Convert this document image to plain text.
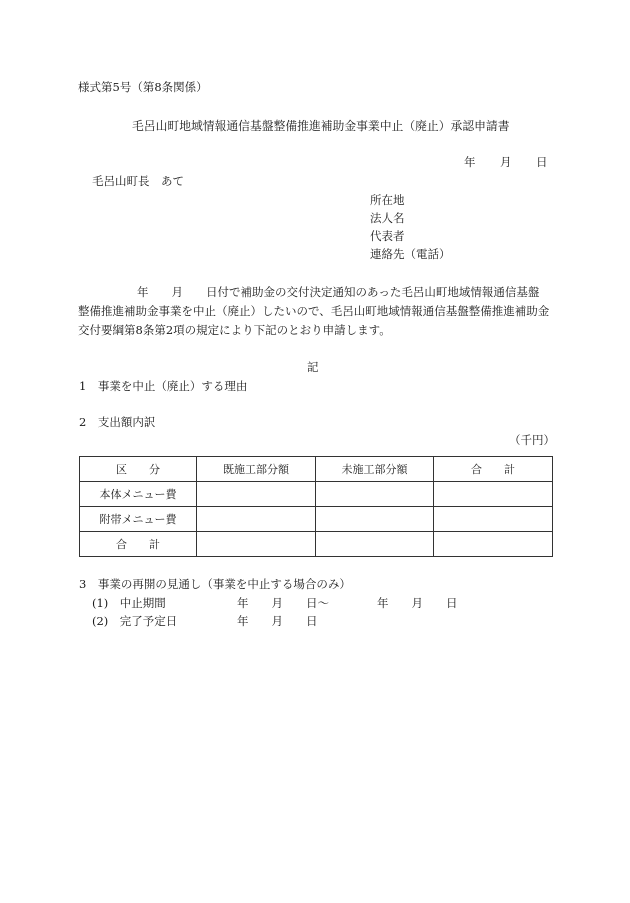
様式第5号（第8条関係）
毛呂山町地域情報通信基盤整備推進補助金事業中止（廃止）承認申請書
年 月 日
毛呂山町長　あて
所在地
法人名
代表者
連絡先（電話）
年　　月　　日付で補助金の交付決定通知のあった毛呂山町地域情報通信基盤
整備推進補助金事業を中止（廃止）したいので、毛呂山町地域情報通信基盤整備推進補助金
交付要綱第8条第2項の規定により下記のとおり申請します。
記
1　事業を中止（廃止）する理由
2　支出額内訳
（千円）
区　　分	既施工部分額	未施工部分額	合　　計
本体メニュー費			
附帯メニュー費			
合　　計			
3　事業の再開の見通し（事業を中止する場合のみ）
(1)　中止期間	年　　月　　日～	年　　月　　日
(2)　完了予定日	年　　月　　日
